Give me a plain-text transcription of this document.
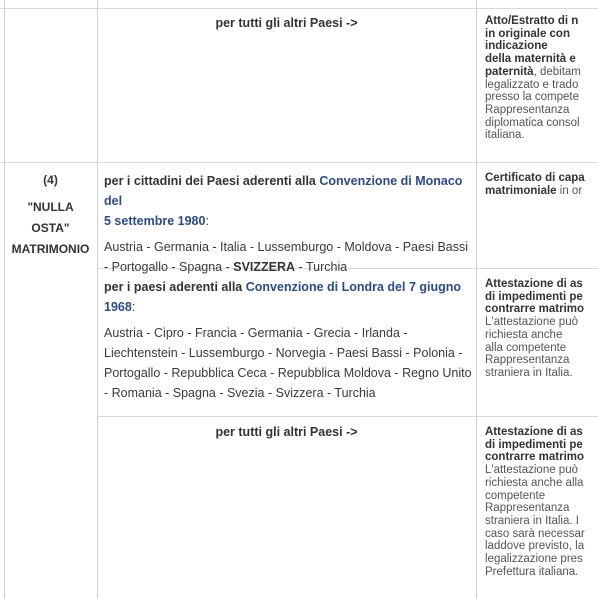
(4)
"NULLA
OSTA"
MATRIMONIO
per tutti gli altri Paesi ->	Atto/Estratto di n
in originale con
indicazione
della maternità e
paternità, debitam
legalizzato e trado
presso la compete
Rappresentanza
diplomatica consol
italiana.
per i cittadini dei Paesi aderenti alla Convenzione di Monaco del
5 settembre 1980:
Austria - Germania - Italia - Lussemburgo - Moldova - Paesi Bassi
- Portogallo - Spagna - SVIZZERA - Turchia
Certificato di capa
matrimoniale in or
per i paesi aderenti alla Convenzione di Londra del 7 giugno
1968:
Austria - Cipro - Francia - Germania - Grecia - Irlanda -
Liechtenstein - Lussemburgo - Norvegia - Paesi Bassi - Polonia -
Portogallo - Repubblica Ceca - Repubblica Moldova - Regno Unito
- Romania - Spagna - Svezia - Svizzera - Turchia
Attestazione di as
di impedimenti pe
contrarre matrimo
L'attestazione può
richiesta anche
alla competente
Rappresentanza
straniera in Italia.
per tutti gli altri Paesi ->	Attestazione di as
di impedimenti pe
contrarre matrimo
L'attestazione può
richiesta anche alla
competente
Rappresentanza
straniera in Italia. I
caso sarà necessar
laddove previsto, la
legalizzazione pres
Prefettura italiana.
